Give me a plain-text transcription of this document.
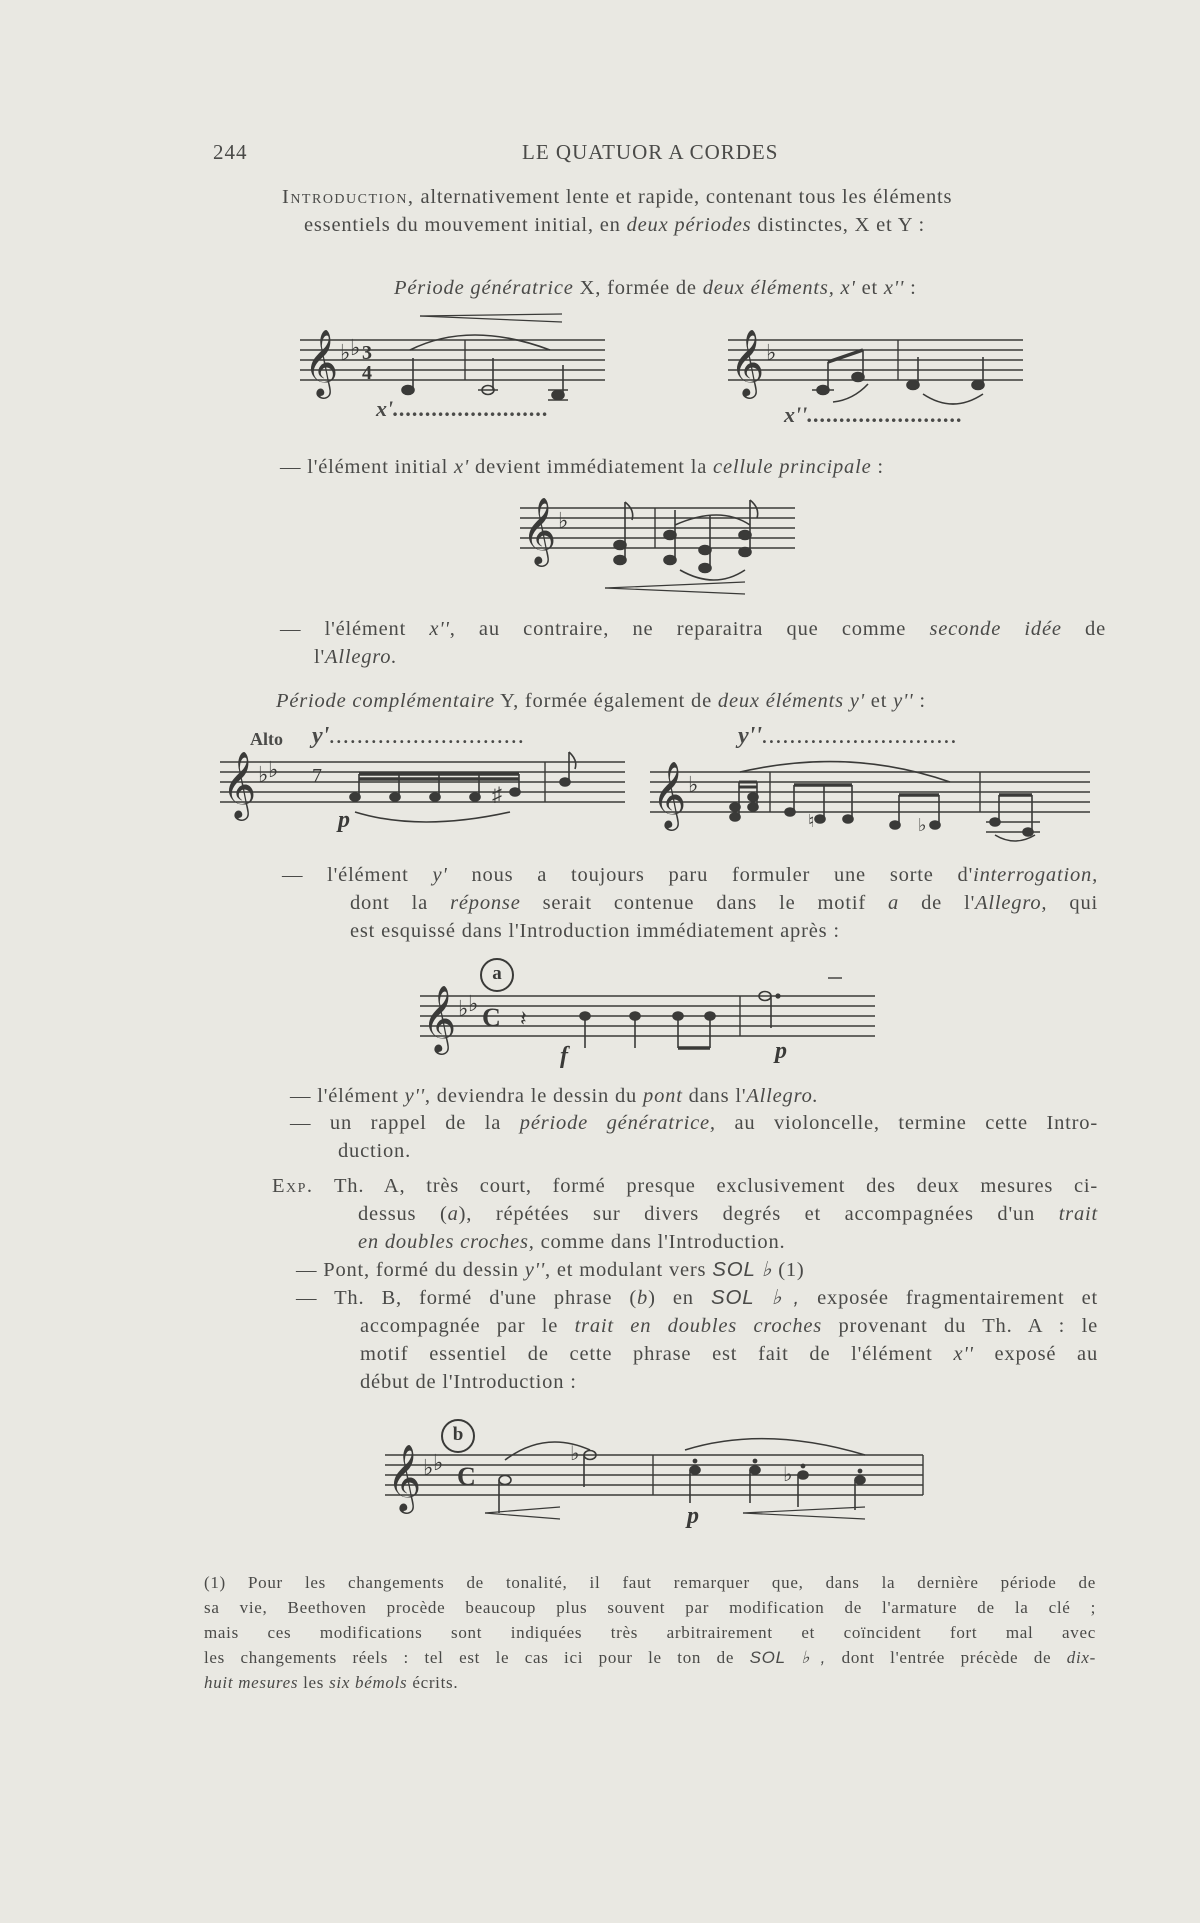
244	LE QUATUOR A CORDES
Introduction, alternativement lente et rapide, contenant tous les éléments
essentiels du mouvement initial, en deux périodes distinctes, X et Y :
Période génératrice X, formée de deux éléments, x' et x'' :
𝄞 ♭ ♭ 3
4
x'........................
𝄞 ♭
x''........................
— l'élément initial x' devient immédiatement la cellule principale :
𝄞 ♭
— l'élément x'', au contraire, ne reparaitra que comme seconde idée de
l'Allegro.
Période complémentaire Y, formée également de deux éléments y' et y'' :
Alto y'............................
𝄞 ♭ ♭ 7
♯
p
y''............................
𝄞 ♭
♮	♭
— l'élément y' nous a toujours paru formuler une sorte d'interrogation,
dont la réponse serait contenue dans le motif a de l'Allegro, qui
est esquissé dans l'Introduction immédiatement après :
a
𝄞 ♭ ♭ C 𝄽
f	p
— l'élément y'', deviendra le dessin du pont dans l'Allegro.
— un rappel de la période génératrice, au violoncelle, termine cette Intro-
duction.
Exp. Th. A, très court, formé presque exclusivement des deux mesures ci-
dessus (a), répétées sur divers degrés et accompagnées d'un trait
en doubles croches, comme dans l'Introduction.
— Pont, formé du dessin y'', et modulant vers SOL ♭ (1)
— Th. B, formé d'une phrase (b) en SOL ♭, exposée fragmentairement et
accompagnée par le trait en doubles croches provenant du Th. A : le
motif essentiel de cette phrase est fait de l'élément x'' exposé au
début de l'Introduction :
b
𝄞 ♭ ♭ C
♭
♭
p
(1) Pour les changements de tonalité, il faut remarquer que, dans la dernière période de
sa vie, Beethoven procède beaucoup plus souvent par modification de l'armature de la clé ;
mais ces modifications sont indiquées très arbitrairement et coïncident fort mal avec
les changements réels : tel est le cas ici pour le ton de SOL ♭, dont l'entrée précède de dix-
huit mesures les six bémols écrits.
